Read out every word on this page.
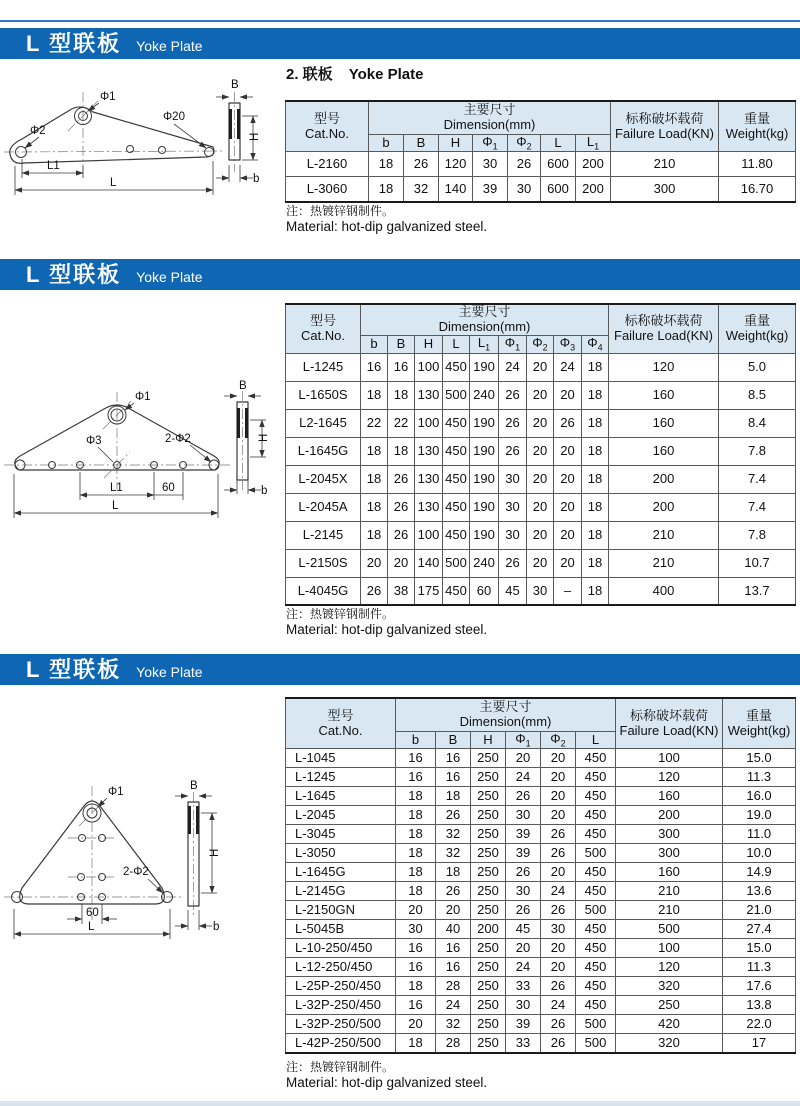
L 型联板 Yoke Plate
2. 联板 Yoke Plate
Φ1
Φ2
Φ20
L1
L
B
H
b
型号
Cat.No.	主要尺寸
Dimension(mm)							标称破坏载荷
Failure Load(KN)	重量
Weight(kg)
	b	B	H	$\Phi_1$	$\Phi_2$	L	$L_1$
L-2160	18	26	120	30	26	600	200	210	11.80
L-3060	18	32	140	39	30	600	200	300	16.70
注：热镀锌钢制件。
Material: hot-dip galvanized steel.
L 型联板 Yoke Plate
Φ1
Φ3	2-Φ2
L1	60
L
B
H
b
型号
Cat.No.	主要尺寸
Dimension(mm)									标称破坏载荷
Failure Load(KN)	重量
Weight(kg)
	b	B	H	L	$L_1$	$\Phi_1$	$\Phi_2$	$\Phi_3$	$\Phi_4$
L-1245	16	16	100	450	190	24	20	24	18	120	5.0
L-1650S	18	18	130	500	240	26	20	20	18	160	8.5
L2-1645	22	22	100	450	190	26	20	26	18	160	8.4
L-1645G	18	18	130	450	190	26	20	20	18	160	7.8
L-2045X	18	26	130	450	190	30	20	20	18	200	7.4
L-2045A	18	26	130	450	190	30	20	20	18	200	7.4
L-2145	18	26	100	450	190	30	20	20	18	210	7.8
L-2150S	20	20	140	500	240	26	20	20	18	210	10.7
L-4045G	26	38	175	450	60	45	30	–	18	400	13.7
注：热镀锌钢制件。
Material: hot-dip galvanized steel.
L 型联板 Yoke Plate
Φ1
2-Φ2
60
L
B
H
b
型号
Cat.No.	主要尺寸
Dimension(mm)						标称破坏载荷
Failure Load(KN)	重量
Weight(kg)
	b	B	H	$\Phi_1$	$\Phi_2$	L		
L-1045	16	16	250	20	20	450	100	15.0
L-1245	16	16	250	24	20	450	120	11.3
L-1645	18	18	250	26	20	450	160	16.0
L-2045	18	26	250	30	20	450	200	19.0
L-3045	18	32	250	39	26	450	300	11.0
L-3050	18	32	250	39	26	500	300	10.0
L-1645G	18	18	250	26	20	450	160	14.9
L-2145G	18	26	250	30	24	450	210	13.6
L-2150GN	20	20	250	26	26	500	210	21.0
L-5045B	30	40	200	45	30	450	500	27.4
L-10-250/450	16	16	250	20	20	450	100	15.0
L-12-250/450	16	16	250	24	20	450	120	11.3
L-25P-250/450	18	28	250	33	26	450	320	17.6
L-32P-250/450	16	24	250	30	24	450	250	13.8
L-32P-250/500	20	32	250	39	26	500	420	22.0
L-42P-250/500	18	28	250	33	26	500	320	17
注：热镀锌钢制件。
Material: hot-dip galvanized steel.
